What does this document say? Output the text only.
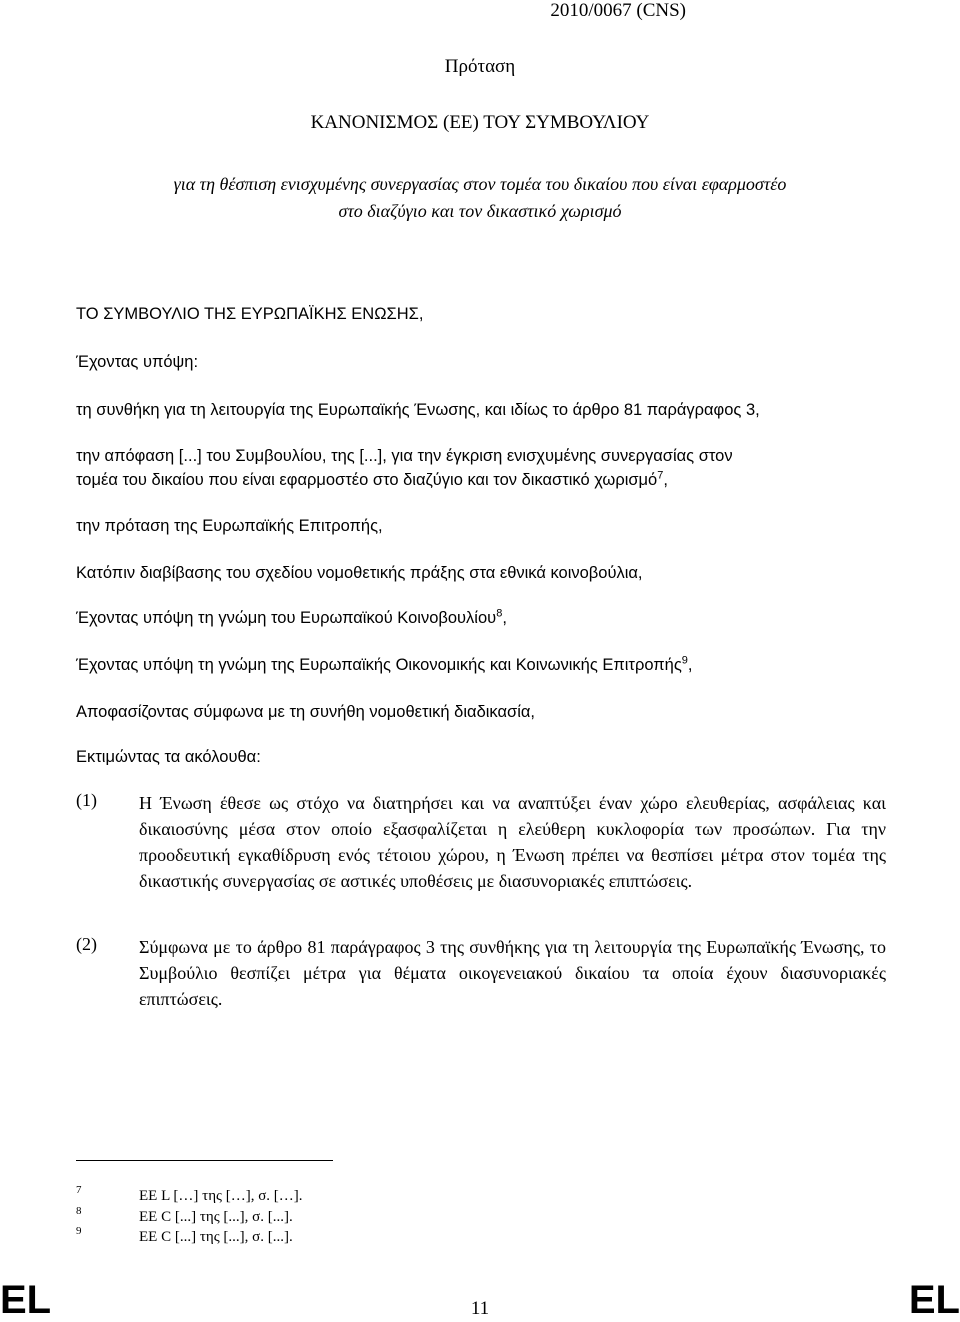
2010/0067 (CNS)
Πρόταση
ΚΑΝΟΝΙΣΜΟΣ (ΕΕ) ΤΟΥ ΣΥΜΒΟΥΛΙΟΥ
για τη θέσπιση ενισχυμένης συνεργασίας στον τομέα του δικαίου που είναι εφαρμοστέο
στο διαζύγιο και τον δικαστικό χωρισμό
ΤΟ ΣΥΜΒΟΥΛΙΟ ΤΗΣ ΕΥΡΩΠΑΪΚΗΣ ΕΝΩΣΗΣ,
Έχοντας υπόψη:
τη συνθήκη για τη λειτουργία της Ευρωπαϊκής Ένωσης, και ιδίως το άρθρο 81 παράγραφος 3,
την απόφαση [...] του Συμβουλίου, της [...], για την έγκριση ενισχυμένης συνεργασίας στον
τομέα του δικαίου που είναι εφαρμοστέο στο διαζύγιο και τον δικαστικό χωρισμό$^7$,
την πρόταση της Ευρωπαϊκής Επιτροπής,
Κατόπιν διαβίβασης του σχεδίου νομοθετικής πράξης στα εθνικά κοινοβούλια,
Έχοντας υπόψη τη γνώμη του Ευρωπαϊκού Κοινοβουλίου$^8$,
Έχοντας υπόψη τη γνώμη της Ευρωπαϊκής Οικονομικής και Κοινωνικής Επιτροπής$^9$,
Αποφασίζοντας σύμφωνα με τη συνήθη νομοθετική διαδικασία,
Εκτιμώντας τα ακόλουθα:
(1) Η Ένωση έθεσε ως στόχο να διατηρήσει και να αναπτύξει έναν χώρο ελευθερίας, ασφάλειας και δικαιοσύνης μέσα στον οποίο εξασφαλίζεται η ελεύθερη κυκλοφορία των προσώπων. Για την προοδευτική εγκαθίδρυση ενός τέτοιου χώρου, η Ένωση πρέπει να θεσπίσει μέτρα στον τομέα της δικαστικής συνεργασίας σε αστικές υποθέσεις με διασυνοριακές επιπτώσεις.
(2) Σύμφωνα με το άρθρο 81 παράγραφος 3 της συνθήκης για τη λειτουργία της Ευρωπαϊκής Ένωσης, το Συμβούλιο θεσπίζει μέτρα για θέματα οικογενειακού δικαίου τα οποία έχουν διασυνοριακές επιπτώσεις.
7	ΕΕ L […] της […], σ. […].
8	ΕΕ C [...] της [...], σ. [...].
9	ΕΕ C [...] της [...], σ. [...].
EL	11	EL
